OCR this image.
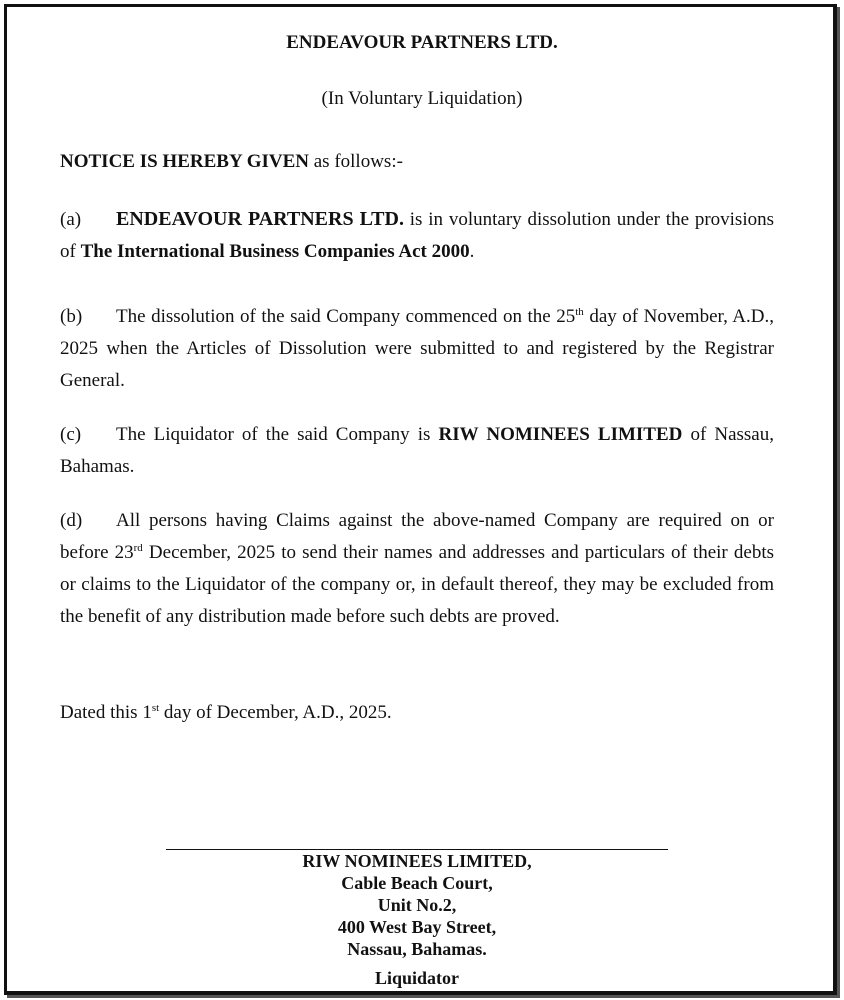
ENDEAVOUR PARTNERS LTD.

(In Voluntary Liquidation)

NOTICE IS HEREBY GIVEN as follows:-

(a) ENDEAVOUR PARTNERS LTD. is in voluntary dissolution under the provisions of The International Business Companies Act 2000.

(b) The dissolution of the said Company commenced on the 25th day of November, A.D., 2025 when the Articles of Dissolution were submitted to and registered by the Registrar General.

(c) The Liquidator of the said Company is RIW NOMINEES LIMITED of Nassau, Bahamas.

(d) All persons having Claims against the above-named Company are required on or before 23rd December, 2025 to send their names and addresses and particulars of their debts or claims to the Liquidator of the company or, in default thereof, they may be excluded from the benefit of any distribution made before such debts are proved.

Dated this 1st day of December, A.D., 2025.

RIW NOMINEES LIMITED,

Cable Beach Court,

Unit No.2,

400 West Bay Street,

Nassau, Bahamas.

Liquidator
